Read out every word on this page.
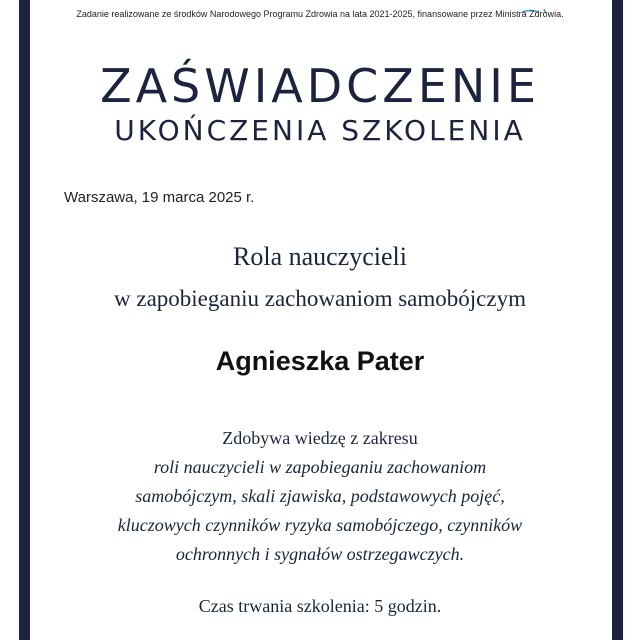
Zadanie realizowane ze środków Narodowego Programu Zdrowia na lata 2021-2025, finansowane przez Ministra Zdrowia.
ZAŚWIADCZENIE
UKOŃCZENIA SZKOLENIA
Warszawa, 19 marca 2025 r.
Rola nauczycieli
w zapobieganiu zachowaniom samobójczym
Agnieszka Pater
Zdobywa wiedzę z zakresu
roli nauczycieli w zapobieganiu zachowaniom
samobójczym, skali zjawiska, podstawowych pojęć,
kluczowych czynników ryzyka samobójczego, czynników
ochronnych i sygnałów ostrzegawczych.
Czas trwania szkolenia: 5 godzin.
